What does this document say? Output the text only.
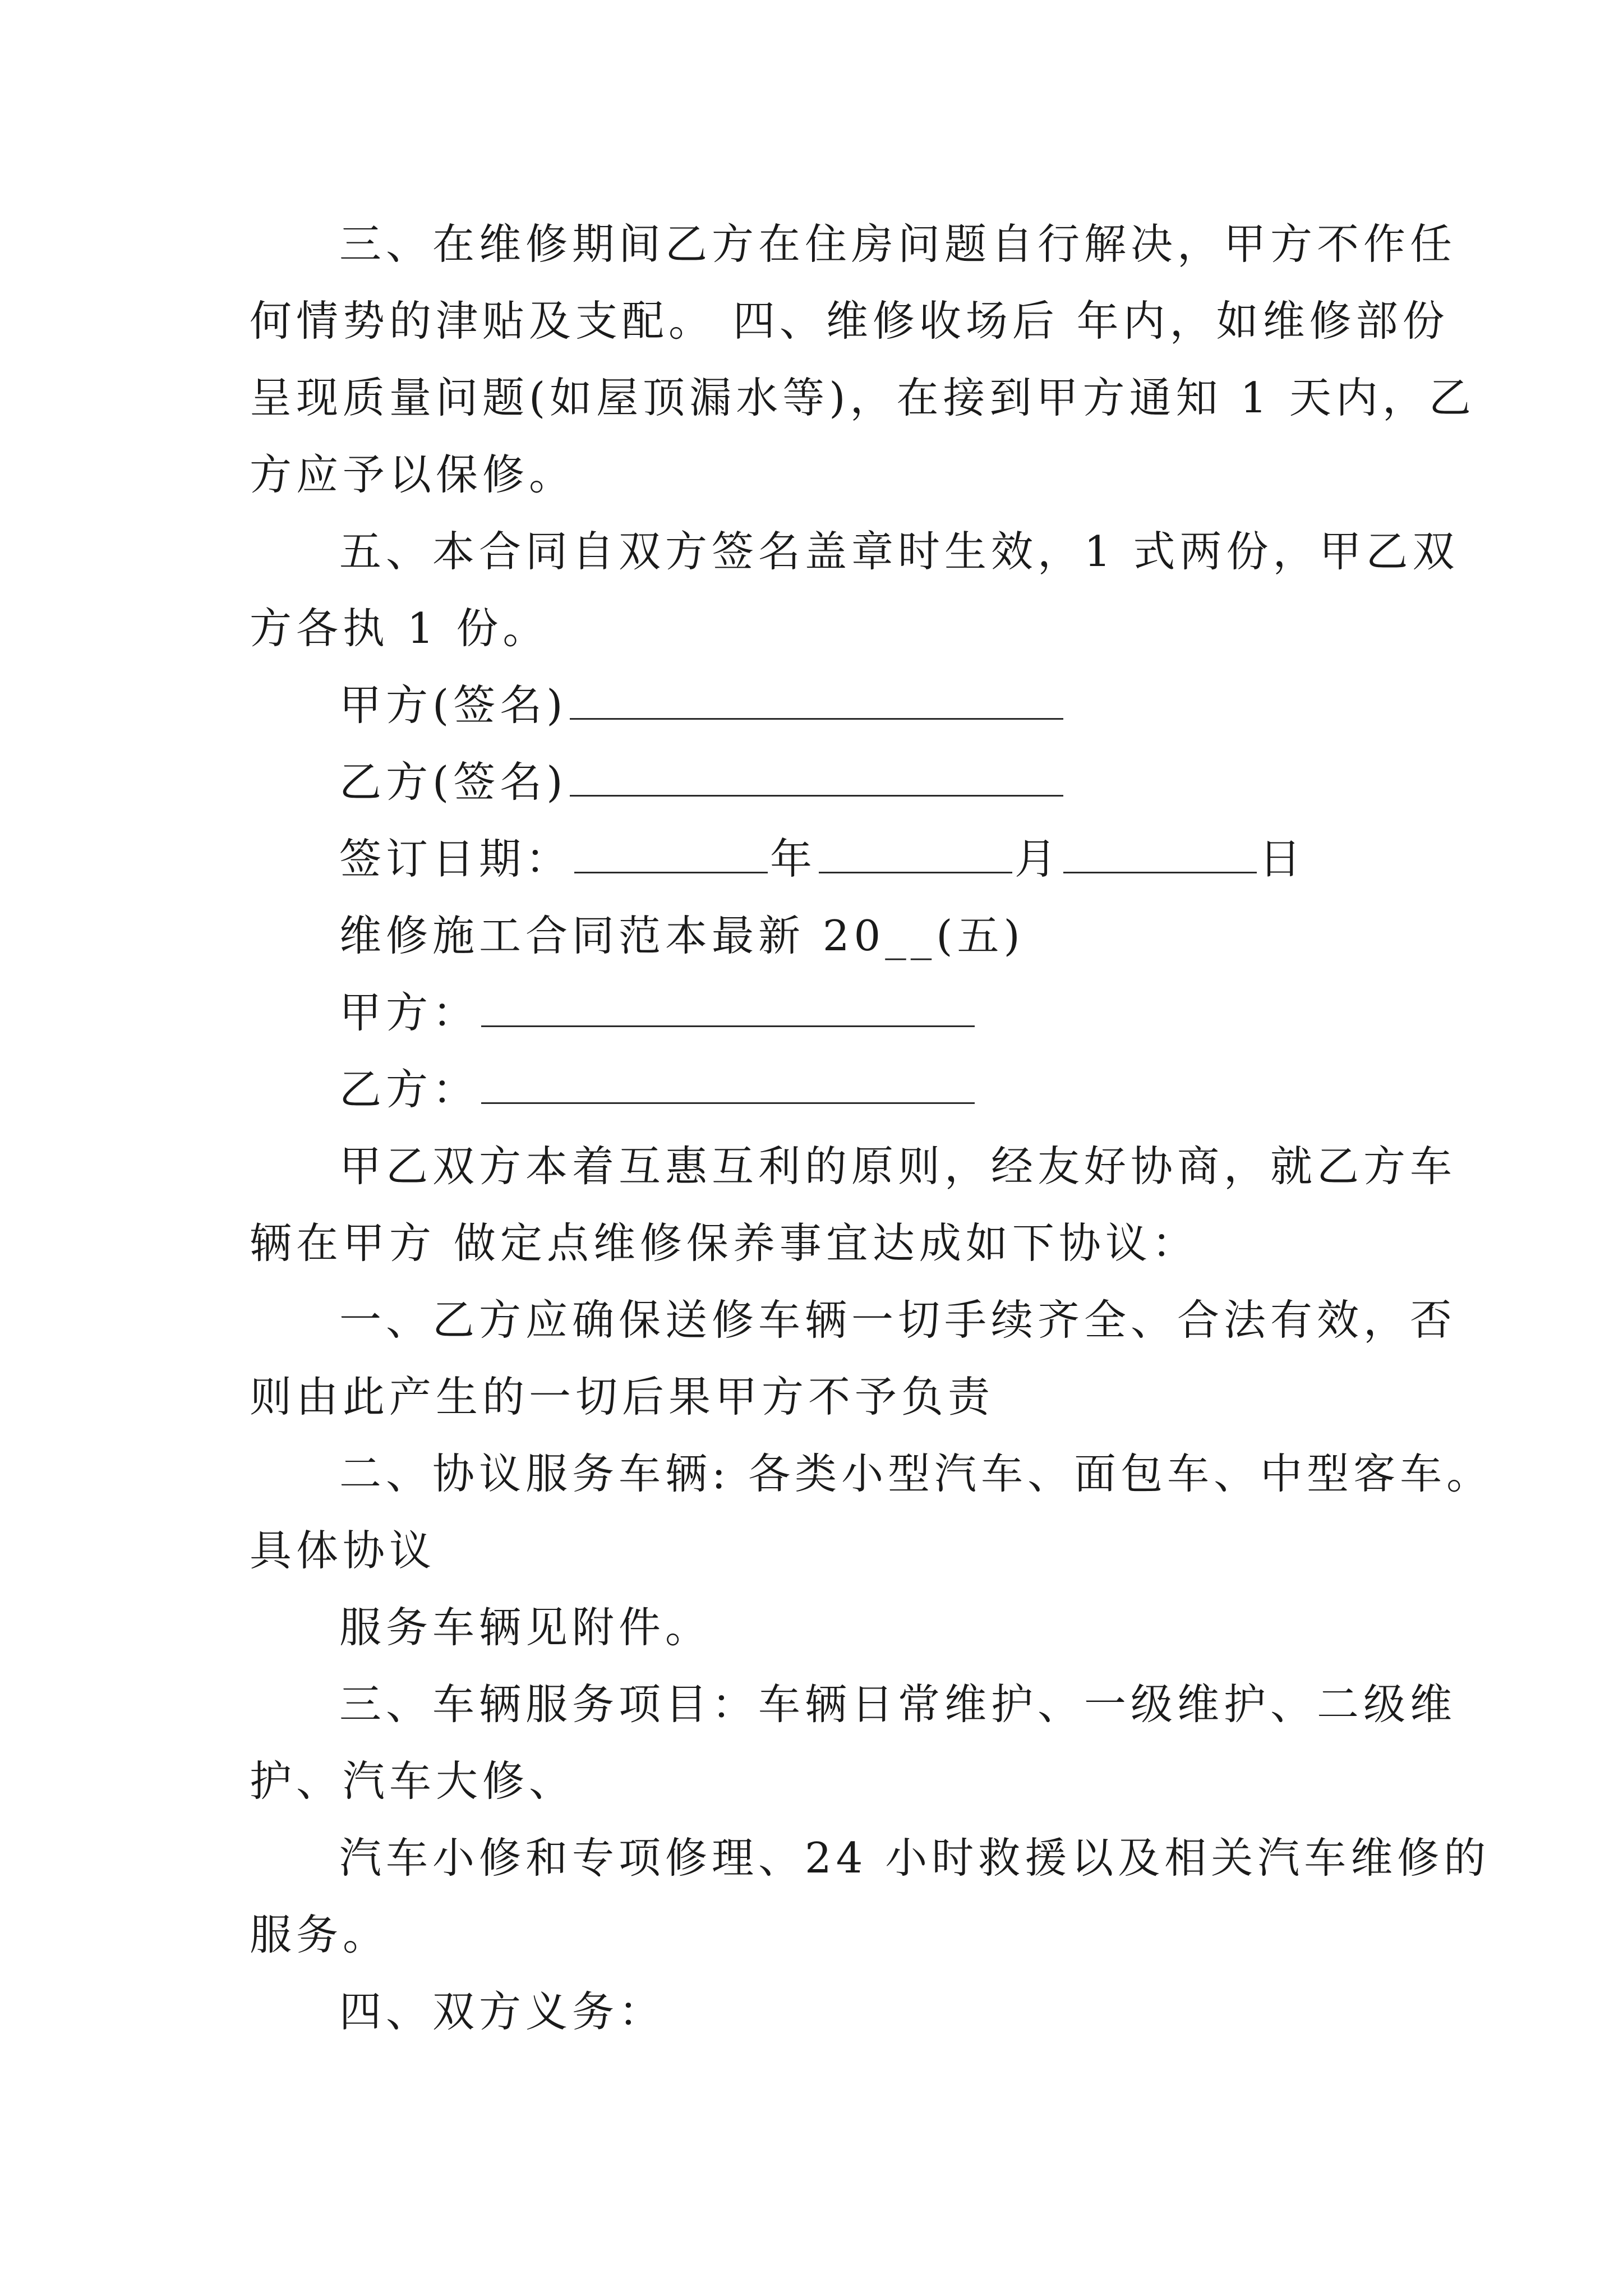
三、在维修期间乙方在住房问题自行解决，甲方不作任
何情势的津贴及支配。 四、维修收场后 年内，如维修部份
呈现质量问题(如屋顶漏水等)，在接到甲方通知 1 天内，乙
方应予以保修。
五、本合同自双方签名盖章时生效，1 式两份，甲乙双
方各执 1 份。
甲方(签名)
乙方(签名)
签订日期：	年	月	日
维修施工合同范本最新 20__(五)
甲方：
乙方：
甲乙双方本着互惠互利的原则，经友好协商，就乙方车
辆在甲方 做定点维修保养事宜达成如下协议：
一、乙方应确保送修车辆一切手续齐全、合法有效，否
则由此产生的一切后果甲方不予负责
二、协议服务车辆: 各类小型汽车、面包车、中型客车。
具体协议
服务车辆见附件。
三、车辆服务项目：车辆日常维护、一级维护、二级维
护、汽车大修、
汽车小修和专项修理、24 小时救援以及相关汽车维修的
服务。
四、双方义务：
